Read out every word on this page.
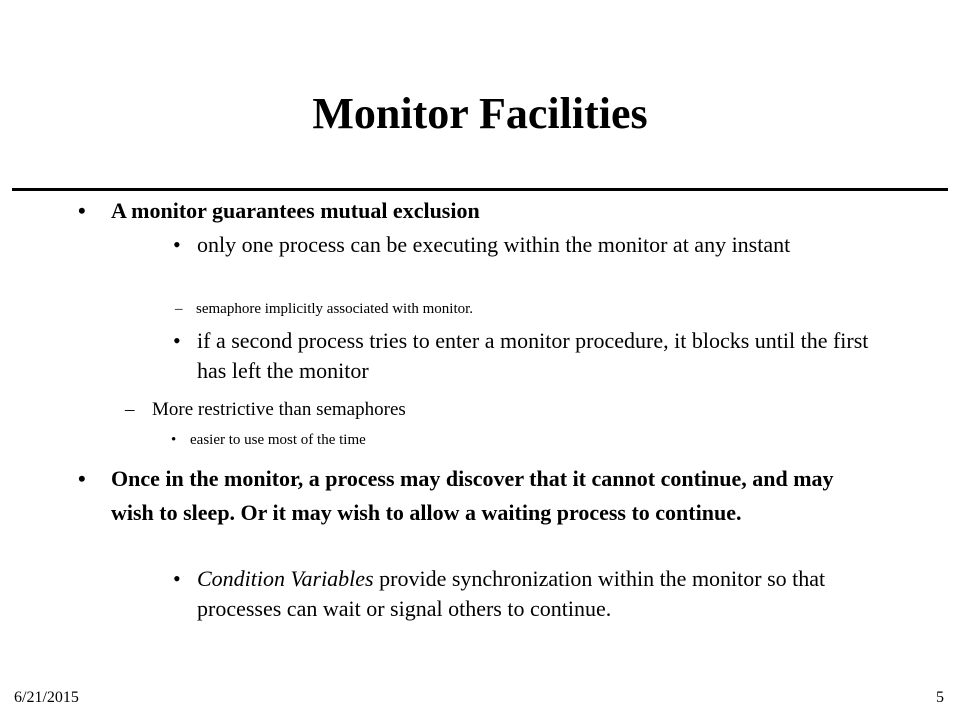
Monitor Facilities
• A monitor guarantees mutual exclusion
• only one process can be executing within the monitor at any instant
– semaphore implicitly associated with monitor.
• if a second process tries to enter a monitor procedure, it blocks until the first has left the monitor
– More restrictive than semaphores
• easier to use most of the time
• Once in the monitor, a process may discover that it cannot continue, and may wish to sleep. Or it may wish to allow a waiting process to continue.
• Condition Variables provide synchronization within the monitor so that processes can wait or signal others to continue.
6/21/2015	5
